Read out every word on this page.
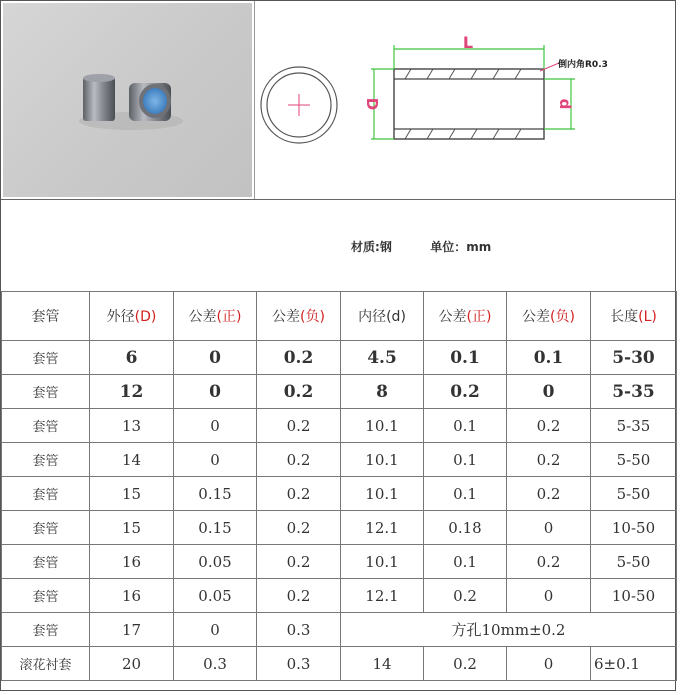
L
D	d
倒内角R0.3
材质:钢	单位：mm
套管	外径(D)	公差(正)	公差(负)	内径(d)	公差(正)	公差(负)	长度(L)
套管	6	0	0.2	4.5	0.1	0.1	5-30
套管	12	0	0.2	8	0.2	0	5-35
套管	13	0	0.2	10.1	0.1	0.2	5-35
套管	14	0	0.2	10.1	0.1	0.2	5-50
套管	15	0.15	0.2	10.1	0.1	0.2	5-50
套管	15	0.15	0.2	12.1	0.18	0	10-50
套管	16	0.05	0.2	10.1	0.1	0.2	5-50
套管	16	0.05	0.2	12.1	0.2	0	10-50
套管	17	0	0.3	方孔10mm±0.2			
滚花衬套	20	0.3	0.3	14	0.2	0	6±0.1
